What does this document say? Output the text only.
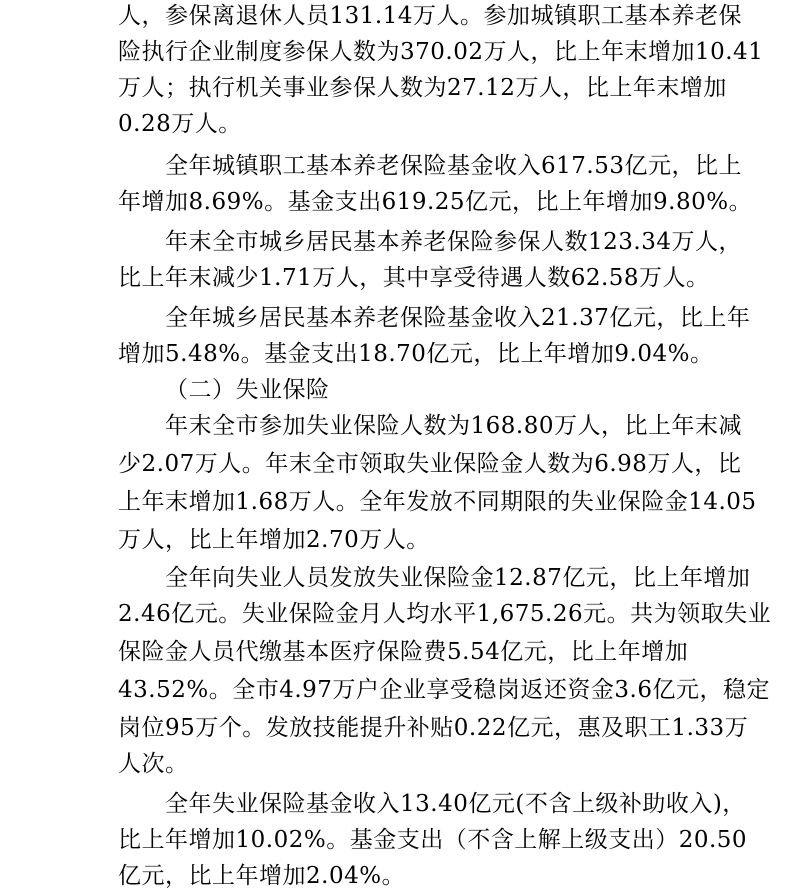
人，参保离退休人员131.14万人。参加城镇职工基本养老保
险执行企业制度参保人数为370.02万人，比上年末增加10.41
万人；执行机关事业参保人数为27.12万人，比上年末增加
0.28万人。
全年城镇职工基本养老保险基金收入617.53亿元，比上
年增加8.69%。基金支出619.25亿元，比上年增加9.80%。
年末全市城乡居民基本养老保险参保人数123.34万人，
比上年末减少1.71万人，其中享受待遇人数62.58万人。
全年城乡居民基本养老保险基金收入21.37亿元，比上年
增加5.48%。基金支出18.70亿元，比上年增加9.04%。
（二）失业保险
年末全市参加失业保险人数为168.80万人，比上年末减
少2.07万人。年末全市领取失业保险金人数为6.98万人，比
上年末增加1.68万人。全年发放不同期限的失业保险金14.05
万人，比上年增加2.70万人。
全年向失业人员发放失业保险金12.87亿元，比上年增加
2.46亿元。失业保险金月人均水平1,675.26元。共为领取失业
保险金人员代缴基本医疗保险费5.54亿元，比上年增加
43.52%。全市4.97万户企业享受稳岗返还资金3.6亿元，稳定
岗位95万个。发放技能提升补贴0.22亿元，惠及职工1.33万
人次。
全年失业保险基金收入13.40亿元(不含上级补助收入)，
比上年增加10.02%。基金支出（不含上解上级支出）20.50
亿元，比上年增加2.04%。
